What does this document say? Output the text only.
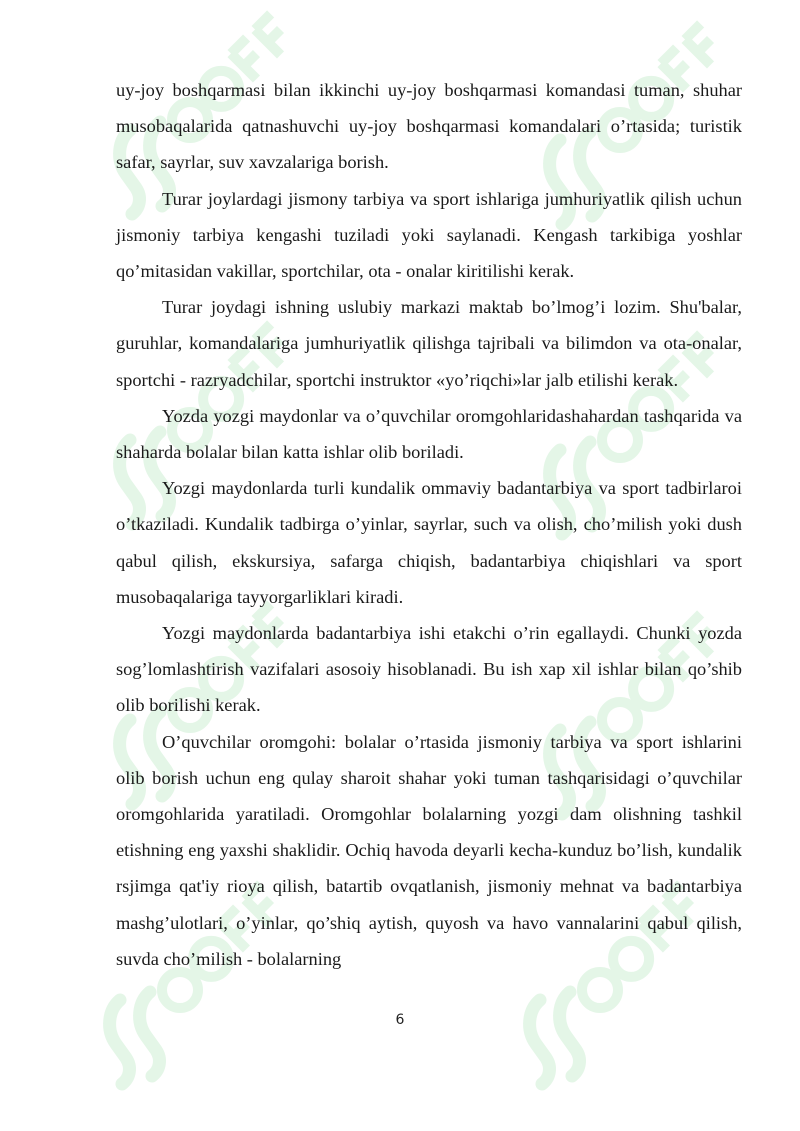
uy-joy boshqarmasi bilan ikkinchi uy-joy boshqarmasi komandasi tuman, shuhar musobaqalarida qatnashuvchi uy-joy boshqarmasi komandalari o’rtasida; turistik safar, sayrlar, suv xavzalariga borish.

Turar joylardagi jismony tarbiya va sport ishlariga jumhuriyatlik qilish uchun jismoniy tarbiya kengashi tuziladi yoki saylanadi. Kengash tarkibiga yoshlar qo’mitasidan vakillar, sportchilar, ota - onalar kiritilishi kerak.

Turar joydagi ishning uslubiy markazi maktab bo’lmog’i lozim. Shu'balar, guruhlar, komandalariga jumhuriyatlik qilishga tajribali va bilimdon va ota-onalar, sportchi - razryadchilar, sportchi instruktor «yo’riqchi»lar jalb etilishi kerak.

Yozda yozgi maydonlar va o’quvchilar oromgohlaridashahardan tashqarida va shaharda bolalar bilan katta ishlar olib boriladi.

Yozgi maydonlarda turli kundalik ommaviy badantarbiya va sport tadbirlaroi o’tkaziladi. Kundalik tadbirga o’yinlar, sayrlar, such va olish, cho’milish yoki dush qabul qilish, ekskursiya, safarga chiqish, badantarbiya chiqishlari va sport musobaqalariga tayyorgarliklari kiradi.

Yozgi maydonlarda badantarbiya ishi etakchi o’rin egallaydi. Chunki yozda sog’lomlashtirish vazifalari asosoiy hisoblanadi. Bu ish xap xil ishlar bilan qo’shib olib borilishi kerak.

O’quvchilar oromgohi: bolalar o’rtasida jismoniy tarbiya va sport ishlarini olib borish uchun eng qulay sharoit shahar yoki tuman tashqarisidagi o’quvchilar oromgohlarida yaratiladi. Oromgohlar bolalarning yozgi dam olishning tashkil etishning eng yaxshi shaklidir. Ochiq havoda deyarli kecha-kunduz bo’lish, kundalik rsjimga qat'iy rioya qilish, batartib ovqatlanish, jismoniy mehnat va badantarbiya mashg’ulotlari, o’yinlar, qo’shiq aytish, quyosh va havo vannalarini qabul qilish, suvda cho’milish - bolalarning

6
